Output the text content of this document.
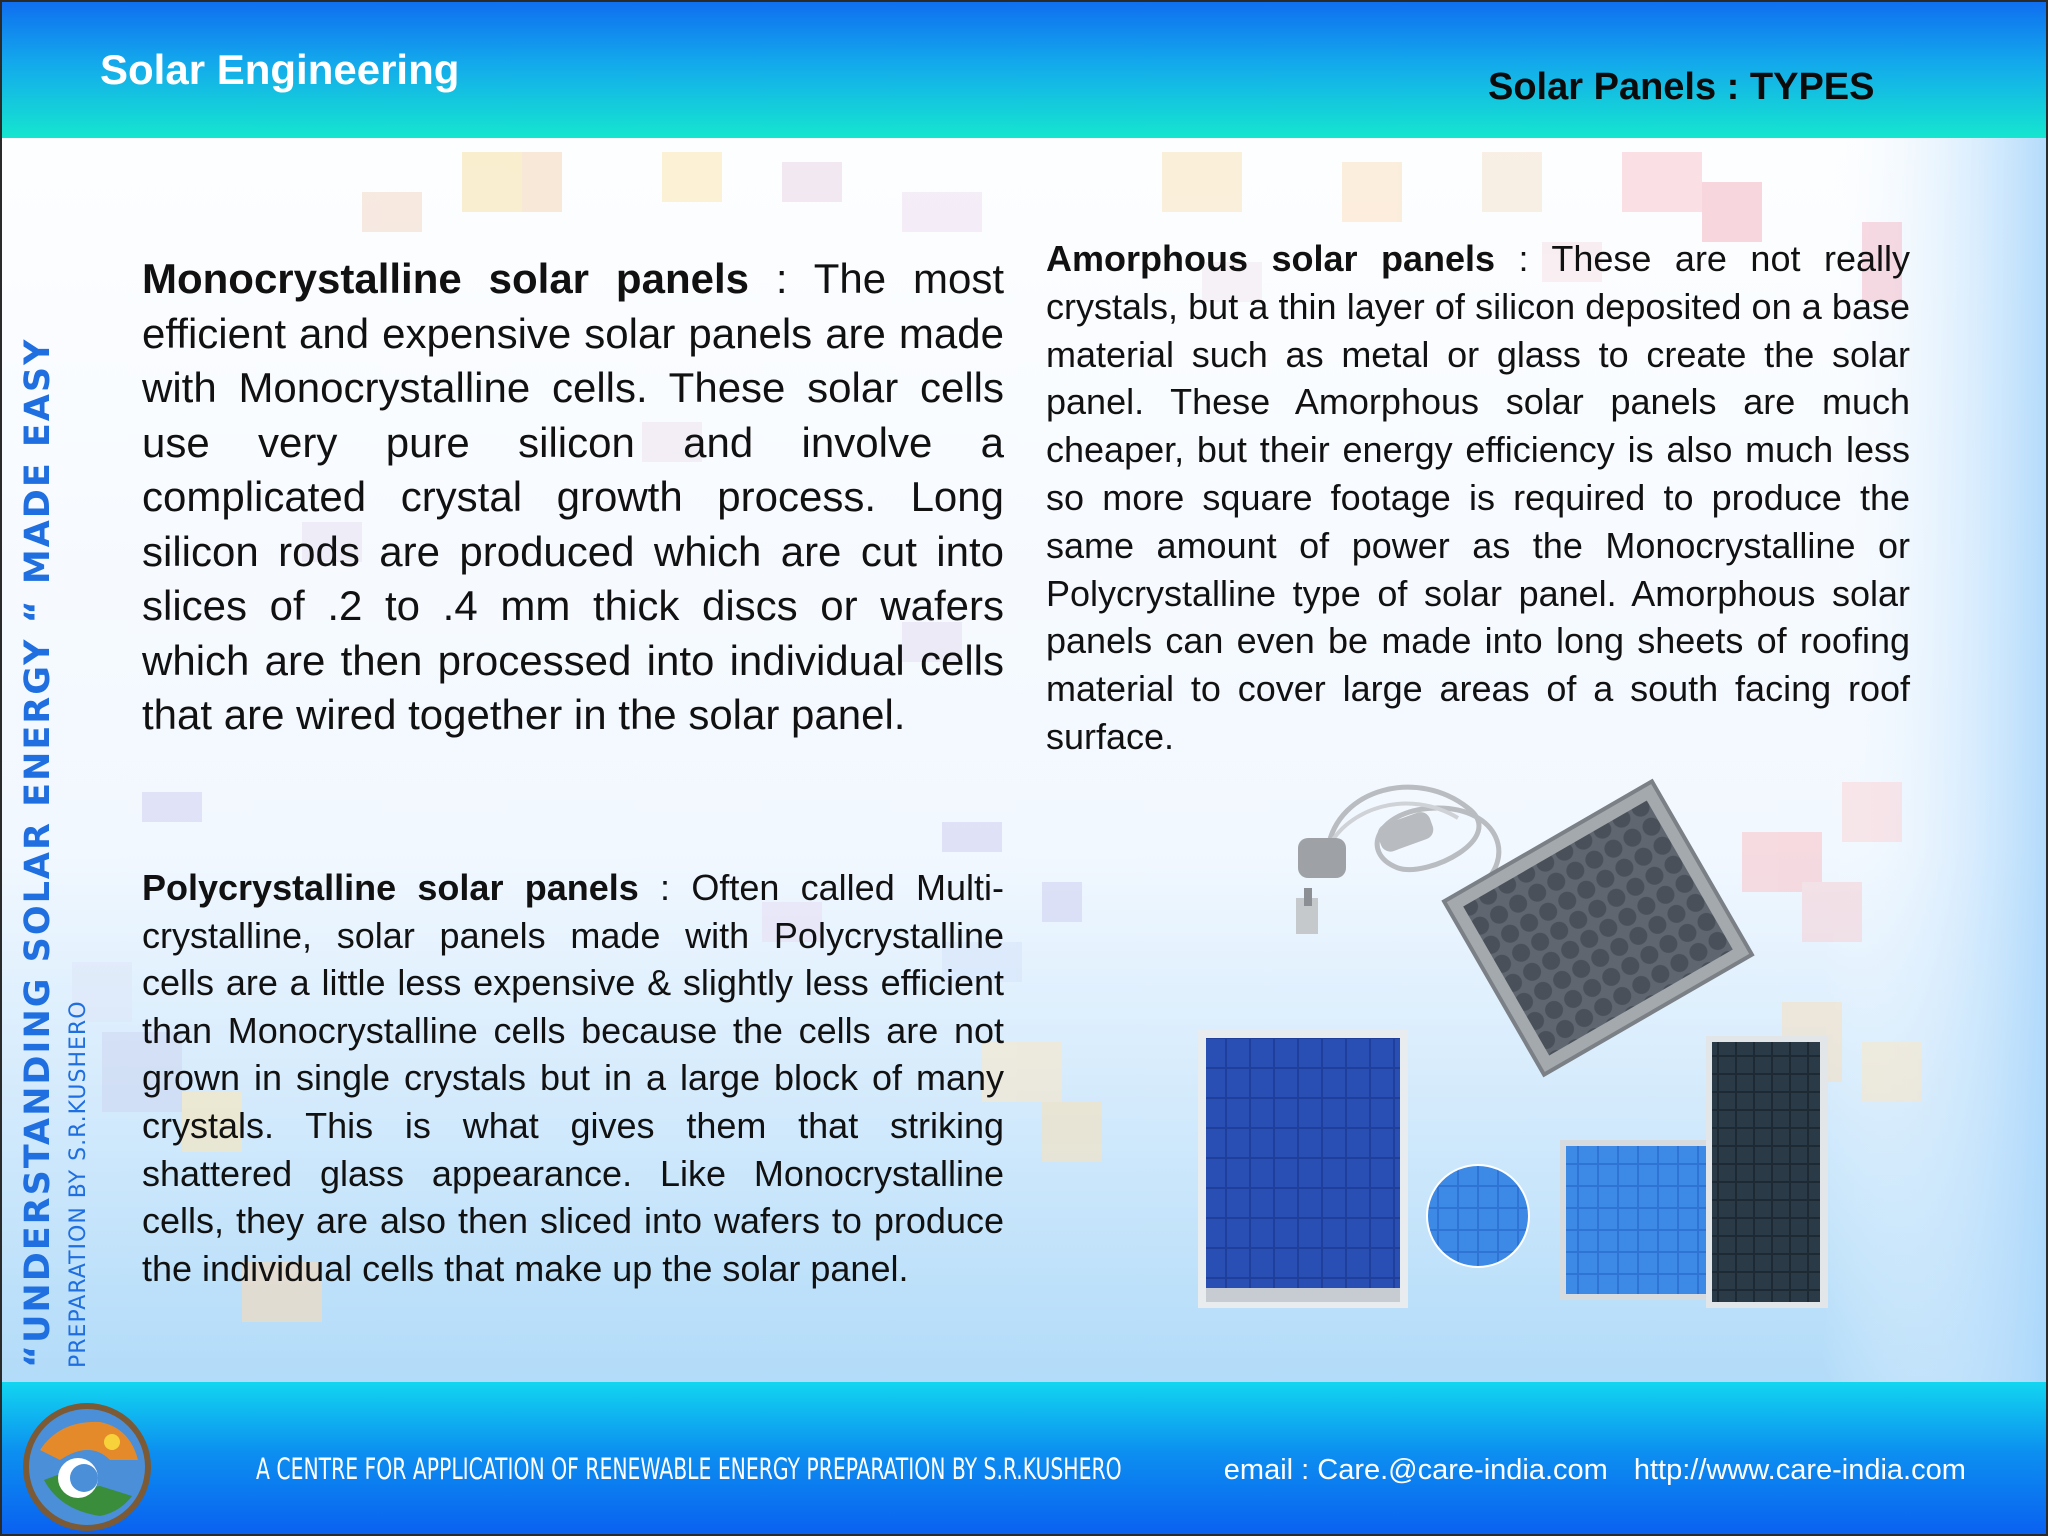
Solar Engineering	Solar Panels : TYPES
“UNDERSTANDING SOLAR ENERGY “ MADE EASY PREPARATION BY S.R.KUSHERO

Monocrystalline solar panels : The most efficient and expensive solar panels are made with Monocrystalline cells. These solar cells use very pure silicon and involve a complicated crystal growth process. Long silicon rods are produced which are cut into slices of .2 to .4 mm thick discs or wafers which are then processed into individual cells that are wired together in the solar panel.

Polycrystalline solar panels : Often called Multi-crystalline, solar panels made with Polycrystalline cells are a little less expensive & slightly less efficient than Monocrystalline cells because the cells are not grown in single crystals but in a large block of many crystals. This is what gives them that striking shattered glass appearance. Like Monocrystalline cells, they are also then sliced into wafers to produce the individual cells that make up the solar panel.

Amorphous solar panels : These are not really crystals, but a thin layer of silicon deposited on a base material such as metal or glass to create the solar panel. These Amorphous solar panels are much cheaper, but their energy efficiency is also much less so more square footage is required to produce the same amount of power as the Monocrystalline or Polycrystalline type of solar panel. Amorphous solar panels can even be made into long sheets of roofing material to cover large areas of a south facing roof surface.

A CENTRE FOR APPLICATION OF RENEWABLE ENERGY PREPARATION BY S.R.KUSHERO	email : Care.@care-india.com http://www.care-india.com
